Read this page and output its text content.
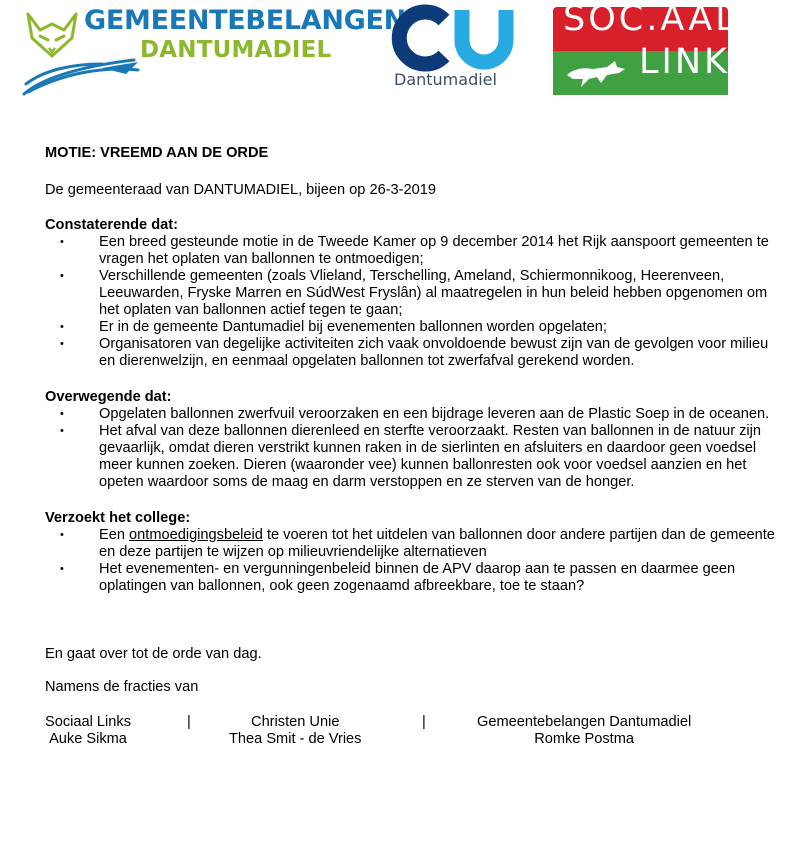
GEMEENTEBELANGEN
DANTUMADIEL
Dantumadiel
SOC.AAL
LINKS

MOTIE: VREEMD AAN DE ORDE

De gemeenteraad van DANTUMADIEL, bijeen op 26-3-2019

Constaterende dat:

• Een breed gesteunde motie in de Tweede Kamer op 9 december 2014 het Rijk aanspoort gemeenten te vragen het oplaten van ballonnen te ontmoedigen;
• Verschillende gemeenten (zoals Vlieland, Terschelling, Ameland, Schiermonnikoog, Heerenveen, Leeuwarden, Fryske Marren en SúdWest Fryslân) al maatregelen in hun beleid hebben opgenomen om het oplaten van ballonnen actief tegen te gaan;
• Er in de gemeente Dantumadiel bij evenementen ballonnen worden opgelaten;
• Organisatoren van degelijke activiteiten zich vaak onvoldoende bewust zijn van de gevolgen voor milieu en dierenwelzijn, en eenmaal opgelaten ballonnen tot zwerfafval gerekend worden.

Overwegende dat:

• Opgelaten ballonnen zwerfvuil veroorzaken en een bijdrage leveren aan de Plastic Soep in de oceanen.
• Het afval van deze ballonnen dierenleed en sterfte veroorzaakt. Resten van ballonnen in de natuur zijn gevaarlijk, omdat dieren verstrikt kunnen raken in de sierlinten en afsluiters en daardoor geen voedsel meer kunnen zoeken. Dieren (waaronder vee) kunnen ballonresten ook voor voedsel aanzien en het opeten waardoor soms de maag en darm verstoppen en ze sterven van de honger.

Verzoekt het college:

• Een ontmoedigingsbeleid te voeren tot het uitdelen van ballonnen door andere partijen dan de gemeente en deze partijen te wijzen op milieuvriendelijke alternatieven
• Het evenementen- en vergunningenbeleid binnen de APV daarop aan te passen en daarmee geen oplatingen van ballonnen, ook geen zogenaamd afbreekbare, toe te staan?

En gaat over tot de orde van dag.

Namens de fracties van

Sociaal Links
Auke Sikma
|	Christen Unie
Thea Smit - de Vries
|	Gemeentebelangen Dantumadiel
Romke Postma
